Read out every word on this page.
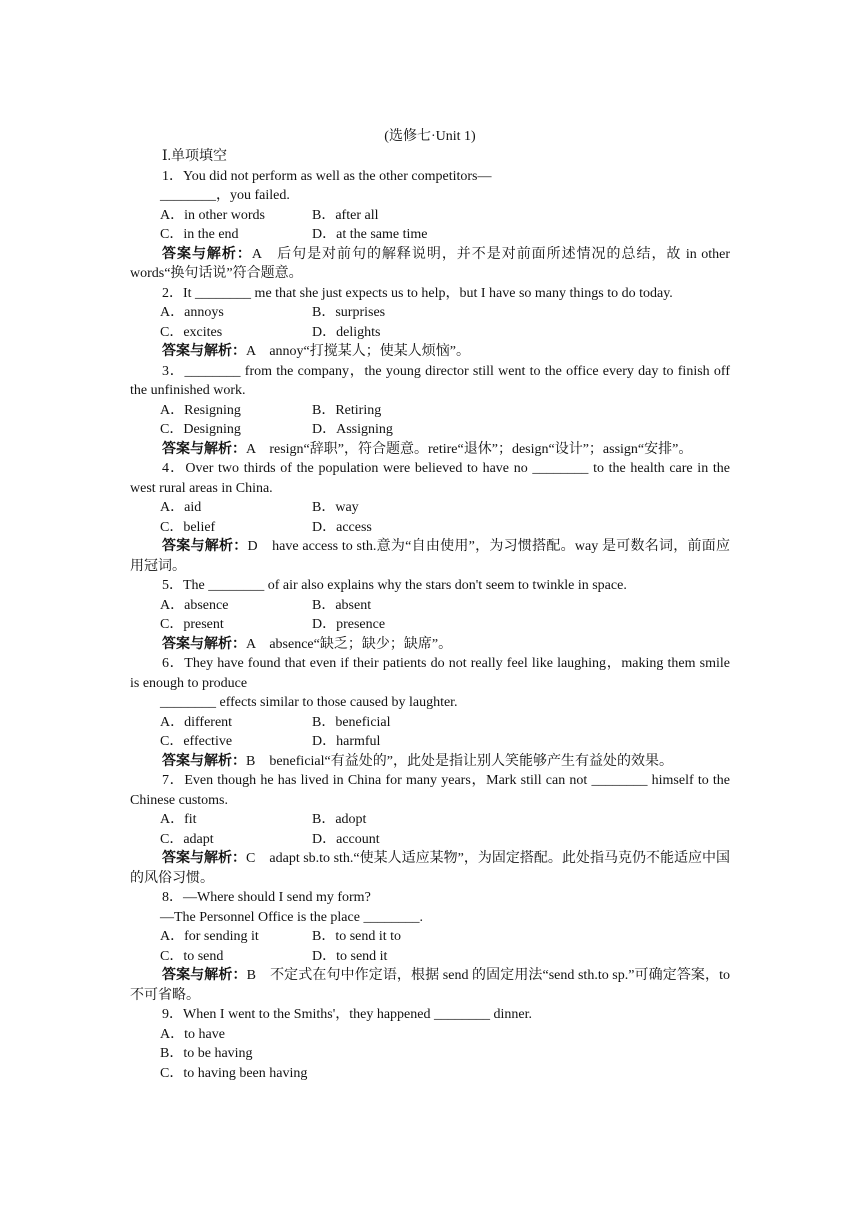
(选修七·Unit 1)
Ⅰ.单项填空
1．You did not perform as well as the other competitors—
________，you failed.
A．in other words	B．after all
C．in the end	D．at the same time
答案与解析：A　后句是对前句的解释说明，并不是对前面所述情况的总结，故 in other words“换句话说”符合题意。
2．It ________ me that she just expects us to help，but I have so many things to do today.
A．annoys	B．surprises
C．excites	D．delights
答案与解析：A　annoy“打搅某人；使某人烦恼”。
3．________ from the company，the young director still went to the office every day to finish off the unfinished work.
A．Resigning	B．Retiring
C．Designing	D．Assigning
答案与解析：A　resign“辞职”，符合题意。retire“退休”；design“设计”；assign“安排”。
4．Over two thirds of the population were believed to have no ________ to the health care in the west rural areas in China.
A．aid	B．way
C．belief	D．access
答案与解析：D　have access to sth.意为“自由使用”，为习惯搭配。way 是可数名词，前面应用冠词。
5．The ________ of air also explains why the stars don't seem to twinkle in space.
A．absence	B．absent
C．present	D．presence
答案与解析：A　absence“缺乏；缺少；缺席”。
6．They have found that even if their patients do not really feel like laughing，making them smile is enough to produce
________ effects similar to those caused by laughter.
A．different	B．beneficial
C．effective	D．harmful
答案与解析：B　beneficial“有益处的”，此处是指让别人笑能够产生有益处的效果。
7．Even though he has lived in China for many years，Mark still can not ________ himself to the Chinese customs.
A．fit	B．adopt
C．adapt	D．account
答案与解析：C　adapt sb.to sth.“使某人适应某物”，为固定搭配。此处指马克仍不能适应中国的风俗习惯。
8．—Where should I send my form?
—The Personnel Office is the place ________.
A．for sending it	B．to send it to
C．to send	D．to send it
答案与解析：B　不定式在句中作定语，根据 send 的固定用法“send sth.to sp.”可确定答案，to 不可省略。
9．When I went to the Smiths'，they happened ________ dinner.
A．to have
B．to be having
C．to having been having
